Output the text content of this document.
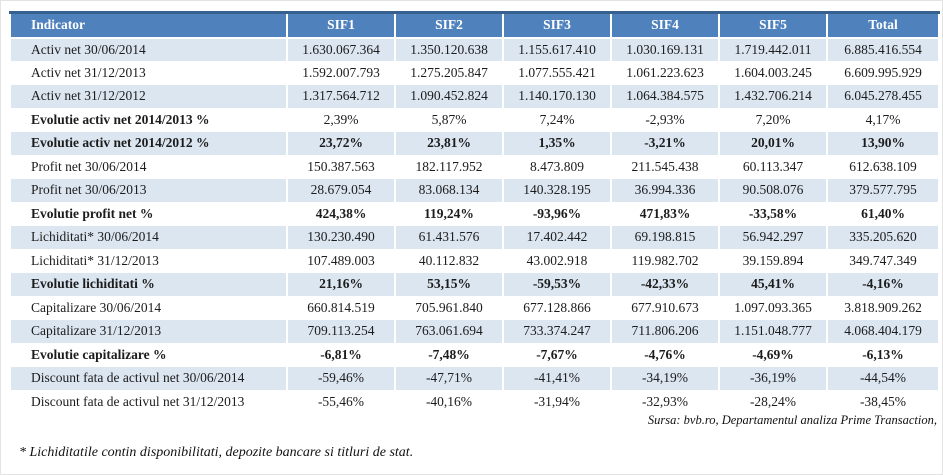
Indicator	SIF1	SIF2	SIF3	SIF4	SIF5	Total
Activ net 30/06/2014	1.630.067.364	1.350.120.638	1.155.617.410	1.030.169.131	1.719.442.011	6.885.416.554
Activ net 31/12/2013	1.592.007.793	1.275.205.847	1.077.555.421	1.061.223.623	1.604.003.245	6.609.995.929
Activ net 31/12/2012	1.317.564.712	1.090.452.824	1.140.170.130	1.064.384.575	1.432.706.214	6.045.278.455
Evolutie activ net 2014/2013 %	2,39%	5,87%	7,24%	-2,93%	7,20%	4,17%
Evolutie activ net 2014/2012 %	23,72%	23,81%	1,35%	-3,21%	20,01%	13,90%
Profit net 30/06/2014	150.387.563	182.117.952	8.473.809	211.545.438	60.113.347	612.638.109
Profit net 30/06/2013	28.679.054	83.068.134	140.328.195	36.994.336	90.508.076	379.577.795
Evolutie profit net %	424,38%	119,24%	-93,96%	471,83%	-33,58%	61,40%
Lichiditati* 30/06/2014	130.230.490	61.431.576	17.402.442	69.198.815	56.942.297	335.205.620
Lichiditati* 31/12/2013	107.489.003	40.112.832	43.002.918	119.982.702	39.159.894	349.747.349
Evolutie lichiditati %	21,16%	53,15%	-59,53%	-42,33%	45,41%	-4,16%
Capitalizare 30/06/2014	660.814.519	705.961.840	677.128.866	677.910.673	1.097.093.365	3.818.909.262
Capitalizare 31/12/2013	709.113.254	763.061.694	733.374.247	711.806.206	1.151.048.777	4.068.404.179
Evolutie capitalizare %	-6,81%	-7,48%	-7,67%	-4,76%	-4,69%	-6,13%
Discount fata de activul net 30/06/2014	-59,46%	-47,71%	-41,41%	-34,19%	-36,19%	-44,54%
Discount fata de activul net 31/12/2013	-55,46%	-40,16%	-31,94%	-32,93%	-28,24%	-38,45%
Sursa: bvb.ro, Departamentul analiza Prime Transaction,
* Lichiditatile contin disponibilitati, depozite bancare si titluri de stat.
